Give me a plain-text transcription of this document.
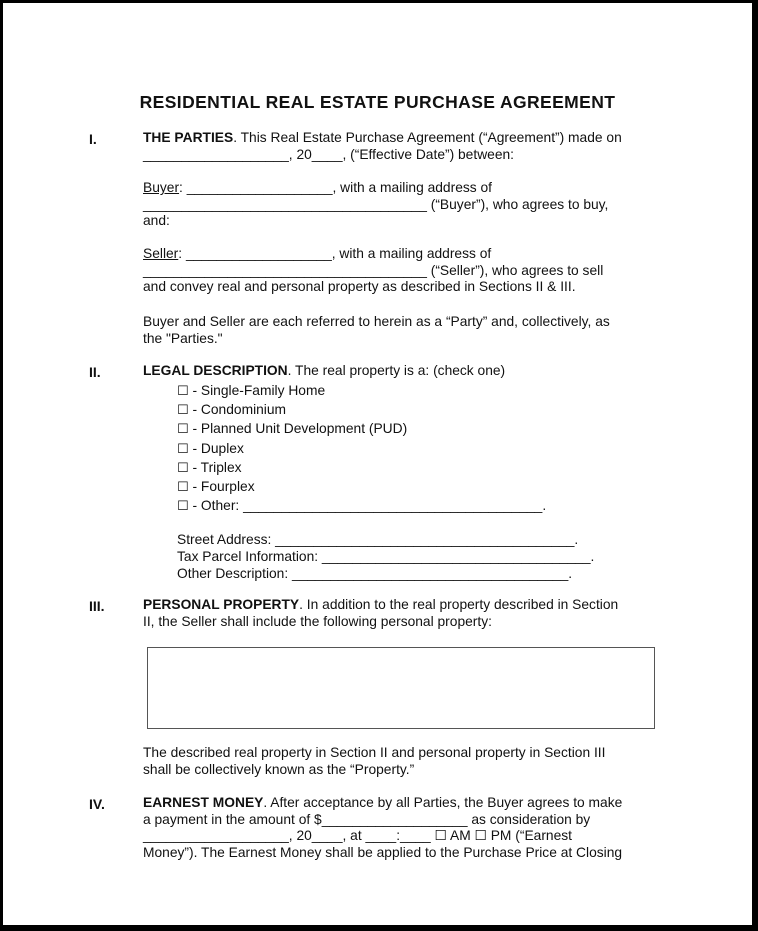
RESIDENTIAL REAL ESTATE PURCHASE AGREEMENT
I.	THE PARTIES. This Real Estate Purchase Agreement (“Agreement”) made on
___________________, 20____, (“Effective Date”) between:
Buyer: ___________________, with a mailing address of
_____________________________________ (“Buyer”), who agrees to buy,
and:
Seller: ___________________, with a mailing address of
_____________________________________ (“Seller”), who agrees to sell
and convey real and personal property as described in Sections II & III.
Buyer and Seller are each referred to herein as a “Party” and, collectively, as
the "Parties."
II.	LEGAL DESCRIPTION. The real property is a: (check one)
☐ - Single-Family Home
☐ - Condominium
☐ - Planned Unit Development (PUD)
☐ - Duplex
☐ - Triplex
☐ - Fourplex
☐ - Other: _______________________________________.
Street Address: _______________________________________.
Tax Parcel Information: ___________________________________.
Other Description: ____________________________________.
III.	PERSONAL PROPERTY. In addition to the real property described in Section
II, the Seller shall include the following personal property:
The described real property in Section II and personal property in Section III
shall be collectively known as the “Property.”
IV.	EARNEST MONEY. After acceptance by all Parties, the Buyer agrees to make
a payment in the amount of $___________________ as consideration by
___________________, 20____, at ____:____ ☐ AM ☐ PM (“Earnest
Money”). The Earnest Money shall be applied to the Purchase Price at Closing
